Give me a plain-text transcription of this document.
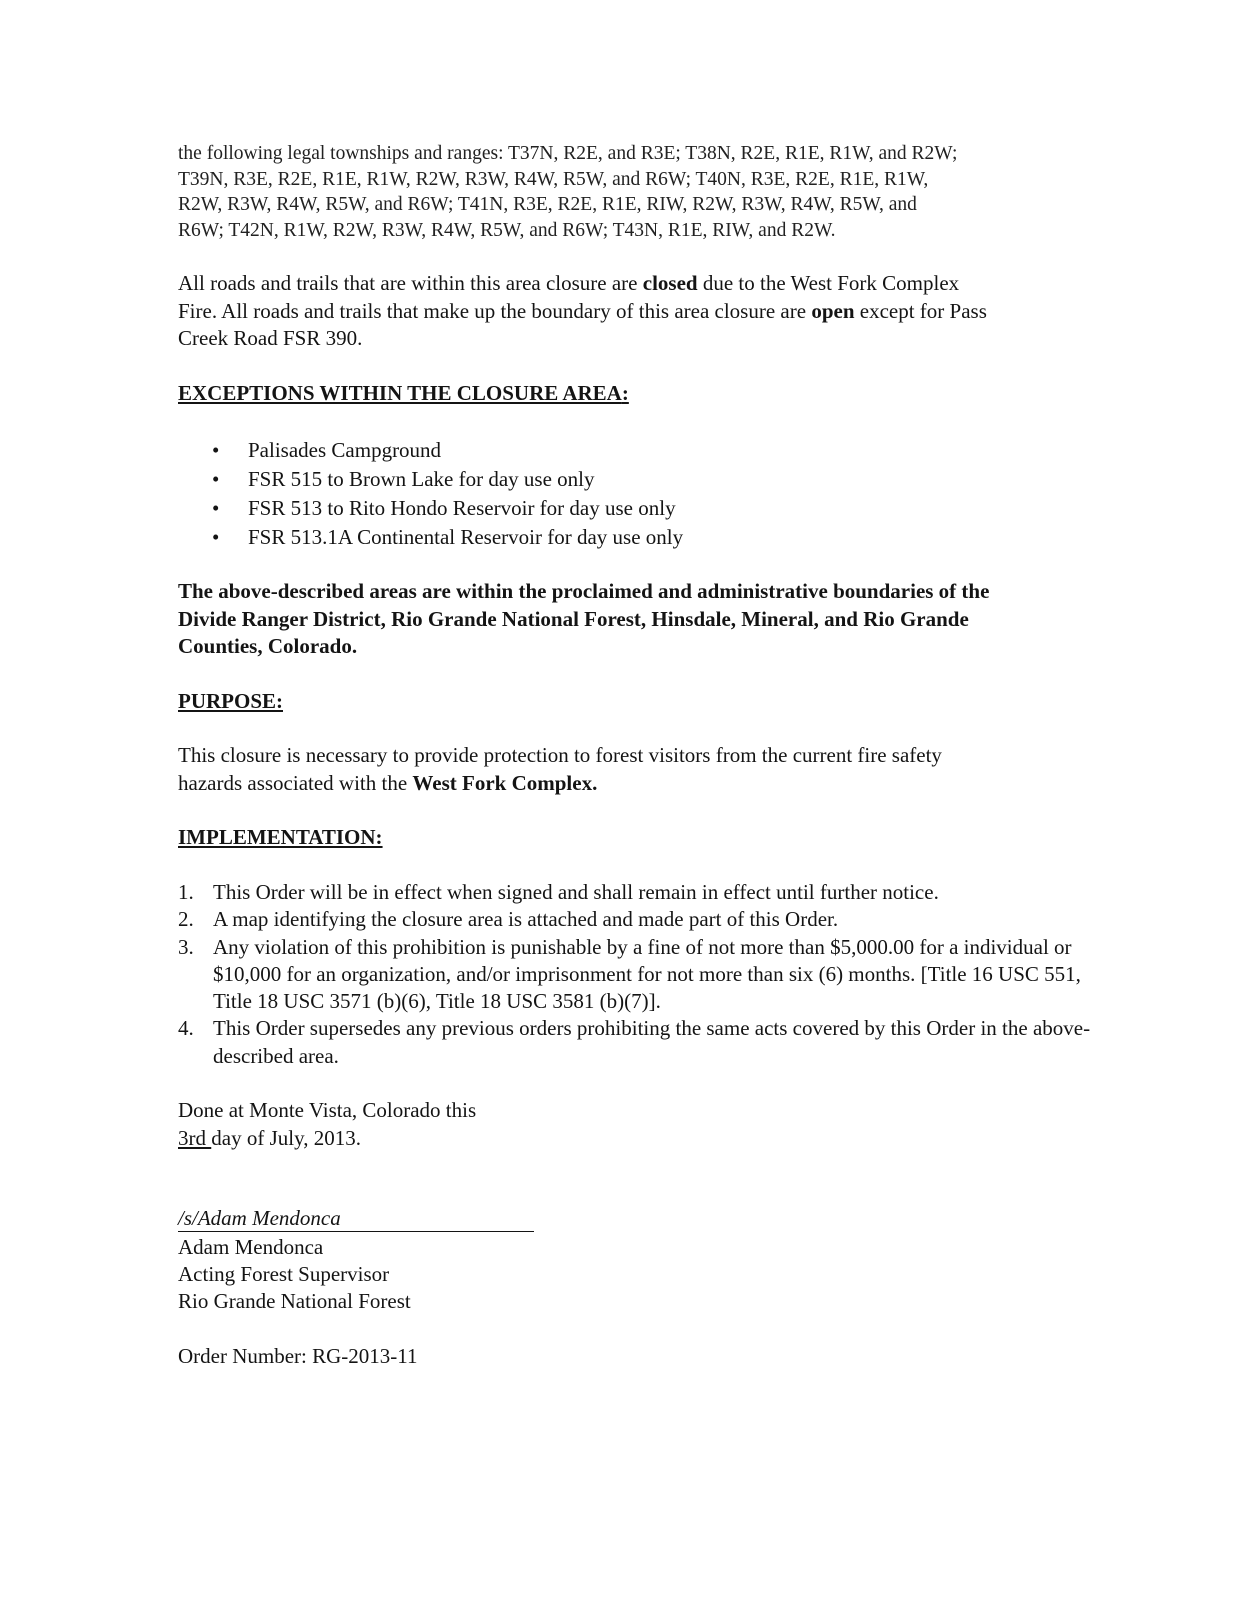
the following legal townships and ranges: T37N, R2E, and R3E; T38N, R2E, R1E, R1W, and R2W;
T39N, R3E, R2E, R1E, R1W, R2W, R3W, R4W, R5W, and R6W; T40N, R3E, R2E, R1E, R1W,
R2W, R3W, R4W, R5W, and R6W; T41N, R3E, R2E, R1E, RIW, R2W, R3W, R4W, R5W, and
R6W; T42N, R1W, R2W, R3W, R4W, R5W, and R6W; T43N, R1E, RIW, and R2W.
All roads and trails that are within this area closure are closed due to the West Fork Complex
Fire. All roads and trails that make up the boundary of this area closure are open except for Pass
Creek Road FSR 390.
EXCEPTIONS WITHIN THE CLOSURE AREA:
• Palisades Campground
• FSR 515 to Brown Lake for day use only
• FSR 513 to Rito Hondo Reservoir for day use only
• FSR 513.1A Continental Reservoir for day use only
The above-described areas are within the proclaimed and administrative boundaries of the
Divide Ranger District, Rio Grande National Forest, Hinsdale, Mineral, and Rio Grande
Counties, Colorado.
PURPOSE:
This closure is necessary to provide protection to forest visitors from the current fire safety
hazards associated with the West Fork Complex.
IMPLEMENTATION:
1. This Order will be in effect when signed and shall remain in effect until further notice.
2. A map identifying the closure area is attached and made part of this Order.
3. Any violation of this prohibition is punishable by a fine of not more than $5,000.00 for a individual or $10,000 for an organization, and/or imprisonment for not more than six (6) months. [Title 16 USC 551, Title 18 USC 3571 (b)(6), Title 18 USC 3581 (b)(7)].
4. This Order supersedes any previous orders prohibiting the same acts covered by this Order in the above-described area.
Done at Monte Vista, Colorado this
3rd day of July, 2013.
/s/Adam Mendonca
Adam Mendonca
Acting Forest Supervisor
Rio Grande National Forest
Order Number: RG-2013-11
